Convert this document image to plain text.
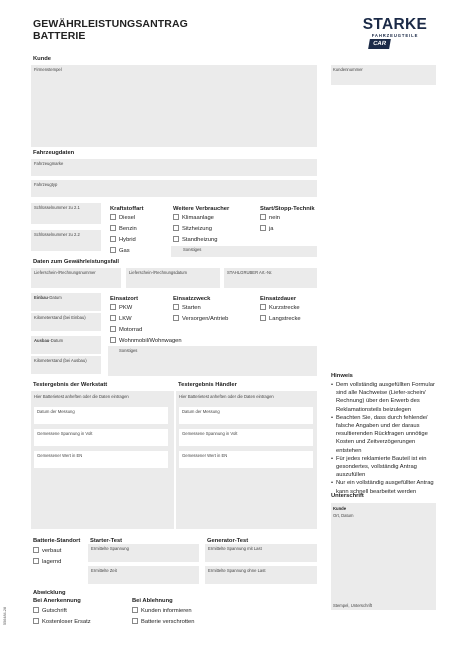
GEWÄHRLEISTUNGSANTRAG
BATTERIE
STARKE
FAHRZEUGTEILE
CAR
Kunde
Firmenstempel	Kundennummer
Fahrzeugdaten
Fahrzeugmarke
Fahrzeugtyp
Schlüsselnummer zu 2.1
Schlüsselnummer zu 2.2
Kraftstoffart
Diesel
Benzin
Hybrid
Gas
Weitere Verbraucher
Klimaanlage
Sitzheizung
Standheizung
Sonstiges
Start/Stopp-Technik
nein
ja
Daten zum Gewährleistungsfall
Lieferschein-/Rechnungsnummer	Lieferschein-/Rechnungsdatum	STAHLGRUBER Art.-Nr.
Einbau-Datum
Kilometerstand (bei Einbau)
Ausbau-Datum
Kilometerstand (bei Ausbau)
Einsatzort
PKW
LKW
Motorrad
Wohnmobil/Wohnwagen
Sonstiges
Einsatzzweck
Starten
Versorgen/Antrieb
Einsatzdauer
Kurzstrecke
Langstrecke
Testergebnis der Werkstatt
Hier Batterietest anheften oder die Daten eintragen
Datum der Messung
Gemessene Spannung in Volt
Gemessener Wert in EN
Testergebnis Händler
Hier Batterietest anheften oder die Daten eintragen
Datum der Messung
Gemessene Spannung in Volt
Gemessener Wert in EN
Hinweis
• Dem vollständig ausgefüllten Formular sind alle Nachweise (Liefer-schein/ Rechnung) über den Erwerb des Reklamationsteils beizulegen
• Beachten Sie, dass durch fehlende/ falsche Angaben und der daraus resultierenden Rückfragen unnötige Kosten und Zeitverzögerungen entstehen
• Für jedes reklamierte Bauteil ist ein gesondertes, vollständig Antrag auszufüllen
• Nur ein vollständig ausgefüllter Antrag kann schnell bearbeitet werden
Unterschrift
Kunde
Ort, Datum
Stempel, Unterschrift
Batterie-Standort
verbaut
lagernd
Starter-Test
Ermittelte Spannung
Ermittelte Zeit
Generator-Test
Ermittelte Spannung mit Last
Ermittelte Spannung ohne Last
Abwicklung
Bei Anerkennung
Gutschrift
Kostenloser Ersatz
Bei Ablehnung
Kunden informieren
Batterie verschrotten
556484-28
